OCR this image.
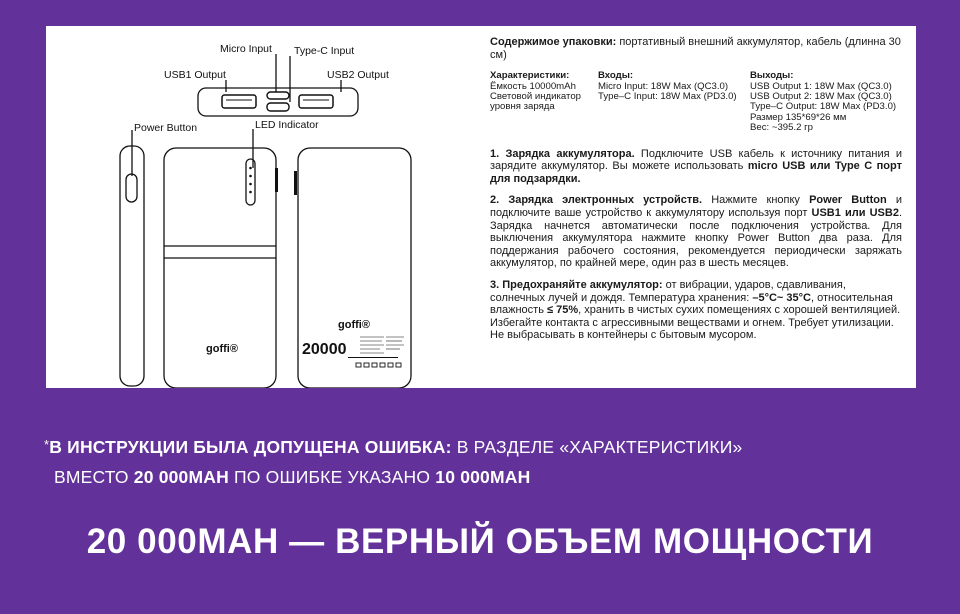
Micro Input Type-C Input
USB1 Output	USB2 Output
Power Button	LED Indicator
goffi®
goffi®
20000
Содержимое упаковки: портативный внешний аккумулятор, кабель (длинна 30 см)
Характеристики:
Ёмкость 10000mAh
Световой индикатор
уровня заряда
Входы:
Micro Input: 18W Max (QC3.0)
Type–C Input: 18W Max (PD3.0)
Выходы:
USB Output 1: 18W Max (QC3.0)
USB Output 2: 18W Max (QC3.0)
Type–C Output: 18W Max (PD3.0)
Размер 135*69*26 мм
Вес: ~395.2 гр

1. Зарядка аккумулятора. Подключите USB кабель к источнику питания и зарядите аккумулятор. Вы можете использовать micro USB или Type C порт для подзарядки.

2. Зарядка электронных устройств. Нажмите кнопку Power Button и подключите ваше устройство к аккумулятору используя порт USB1 или USB2. Зарядка начнется автоматически после подключения устройства. Для выключения аккумулятора нажмите кнопку Power Button два раза. Для поддержания рабочего состояния, рекомендуется периодически заряжать аккумулятор, по крайней мере, один раз в шесть месяцев.

3. Предохраняйте аккумулятор: от вибрации, ударов, сдавливания, солнечных лучей и дождя. Температура хранения: –5°C~ 35°C, относительная влажность ≤ 75%, хранить в чистых сухих помещениях с хорошей вентиляцией. Избегайте контакта с агрессивными веществами и огнем. Требует утилизации. Не выбрасывать в контейнеры с бытовым мусором.

*В ИНСТРУКЦИИ БЫЛА ДОПУЩЕНА ОШИБКА: В РАЗДЕЛЕ «ХАРАКТЕРИСТИКИ»
ВМЕСТО 20 000МАН ПО ОШИБКЕ УКАЗАНО 10 000МАН
20 000МАН — ВЕРНЫЙ ОБЪЕМ МОЩНОСТИ
